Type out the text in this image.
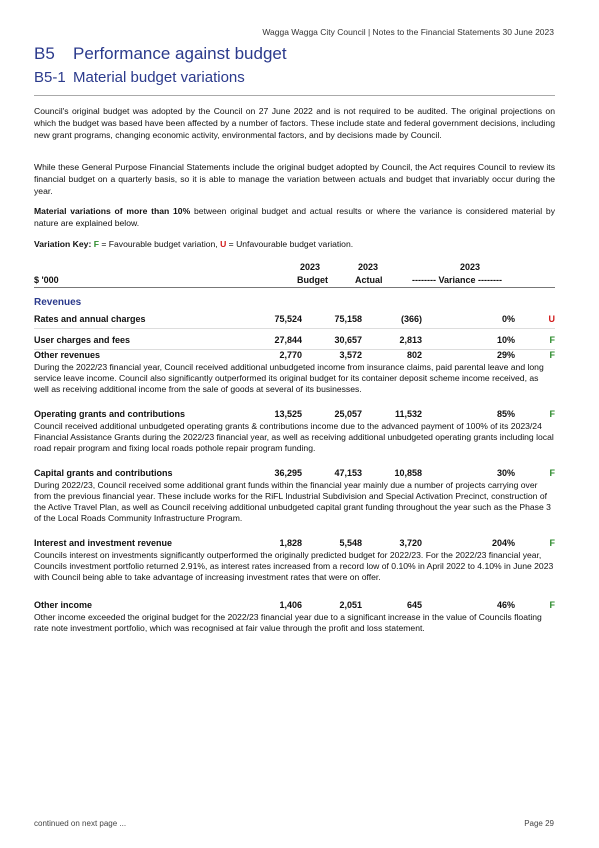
Wagga Wagga City Council | Notes to the Financial Statements 30 June 2023
B5 Performance against budget
B5-1 Material budget variations
Council's original budget was adopted by the Council on 27 June 2022 and is not required to be audited. The original projections on which the budget was based have been affected by a number of factors. These include state and federal government decisions, including new grant programs, changing economic activity, environmental factors, and by decisions made by Council.
While these General Purpose Financial Statements include the original budget adopted by Council, the Act requires Council to review its financial budget on a quarterly basis, so it is able to manage the variation between actuals and budget that invariably occur during the year.
Material variations of more than 10% between original budget and actual results or where the variance is considered material by nature are explained below.
Variation Key: F = Favourable budget variation, U = Unfavourable budget variation.
2023	2023	2023
$ '000	Budget	Actual	-------- Variance --------
Revenues
Rates and annual charges	75,524	75,158	(366)	0%	U
User charges and fees	27,844	30,657	2,813	10%	F
Other revenues	2,770	3,572	802	29%	F
During the 2022/23 financial year, Council received additional unbudgeted income from insurance claims, paid parental leave and long service leave income. Council also significantly outperformed its original budget for its container deposit scheme income received, as well as receiving additional income from the sale of goods at several of its businesses.
Operating grants and contributions	13,525	25,057	11,532	85%	F
Council received additional unbudgeted operating grants & contributions income due to the advanced payment of 100% of its 2023/24 Financial Assistance Grants during the 2022/23 financial year, as well as receiving additional unbudgeted operating grants including local road repair program and fixing local roads pothole repair program funding.
Capital grants and contributions	36,295	47,153	10,858	30%	F
During 2022/23, Council received some additional grant funds within the financial year mainly due a number of projects carrying over from the previous financial year. These include works for the RiFL Industrial Subdivision and Special Activation Precinct, construction of the Active Travel Plan, as well as Council receiving additional unbudgeted capital grant funding throughout the year such as the Phase 3 of the Local Roads Community Infrastructure Program.
Interest and investment revenue	1,828	5,548	3,720	204%	F
Councils interest on investments significantly outperformed the originally predicted budget for 2022/23. For the 2022/23 financial year, Councils investment portfolio returned 2.91%, as interest rates increased from a record low of 0.10% in April 2022 to 4.10% in June 2023 with Council being able to take advantage of increasing investment rates that were on offer.
Other income	1,406	2,051	645	46%	F
Other income exceeded the original budget for the 2022/23 financial year due to a significant increase in the value of Councils floating rate note investment portfolio, which was recognised at fair value through the profit and loss statement.
continued on next page ...	Page 29
